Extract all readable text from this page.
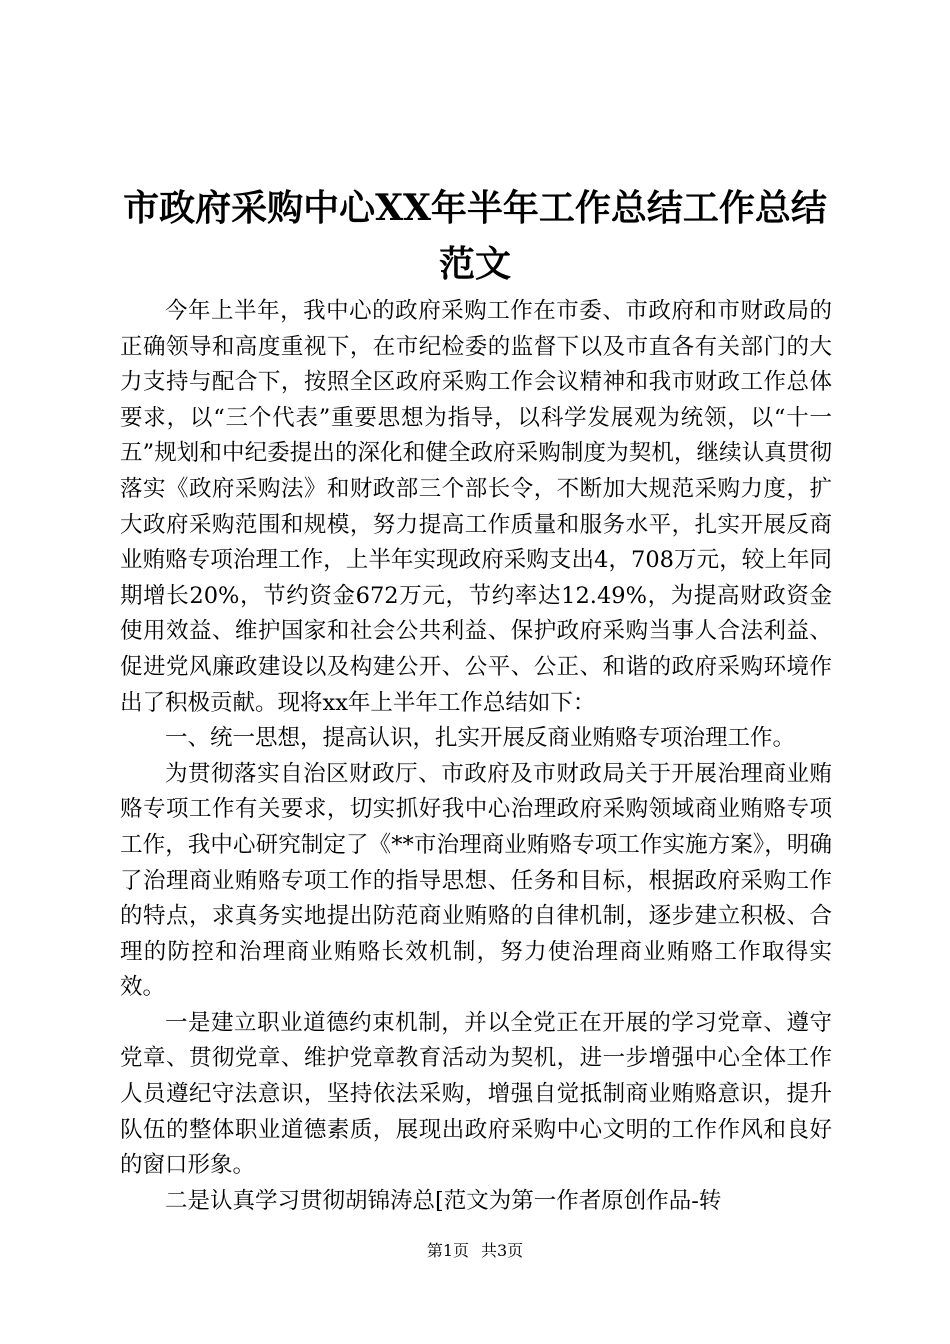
市政府采购中心XX年半年工作总结工作总结范文

今年上半年，我中心的政府采购工作在市委、市政府和市财政局的正确领导和高度重视下，在市纪检委的监督下以及市直各有关部门的大力支持与配合下，按照全区政府采购工作会议精神和我市财政工作总体要求，以“三个代表”重要思想为指导，以科学发展观为统领，以“十一五”规划和中纪委提出的深化和健全政府采购制度为契机，继续认真贯彻落实《政府采购法》和财政部三个部长令，不断加大规范采购力度，扩大政府采购范围和规模，努力提高工作质量和服务水平，扎实开展反商业贿赂专项治理工作，上半年实现政府采购支出4，708万元，较上年同期增长20%，节约资金672万元，节约率达12.49%，为提高财政资金使用效益、维护国家和社会公共利益、保护政府采购当事人合法利益、促进党风廉政建设以及构建公开、公平、公正、和谐的政府采购环境作出了积极贡献。现将xx年上半年工作总结如下：

一、统一思想，提高认识，扎实开展反商业贿赂专项治理工作。

为贯彻落实自治区财政厅、市政府及市财政局关于开展治理商业贿赂专项工作有关要求，切实抓好我中心治理政府采购领域商业贿赂专项工作，我中心研究制定了《**市治理商业贿赂专项工作实施方案》，明确了治理商业贿赂专项工作的指导思想、任务和目标，根据政府采购工作的特点，求真务实地提出防范商业贿赂的自律机制，逐步建立积极、合理的防控和治理商业贿赂长效机制，努力使治理商业贿赂工作取得实效。

一是建立职业道德约束机制，并以全党正在开展的学习党章、遵守党章、贯彻党章、维护党章教育活动为契机，进一步增强中心全体工作人员遵纪守法意识，坚持依法采购，增强自觉抵制商业贿赂意识，提升队伍的整体职业道德素质，展现出政府采购中心文明的工作作风和良好的窗口形象。

二是认真学习贯彻胡锦涛总[范文为第一作者原创作品-转

第1页 共3页
